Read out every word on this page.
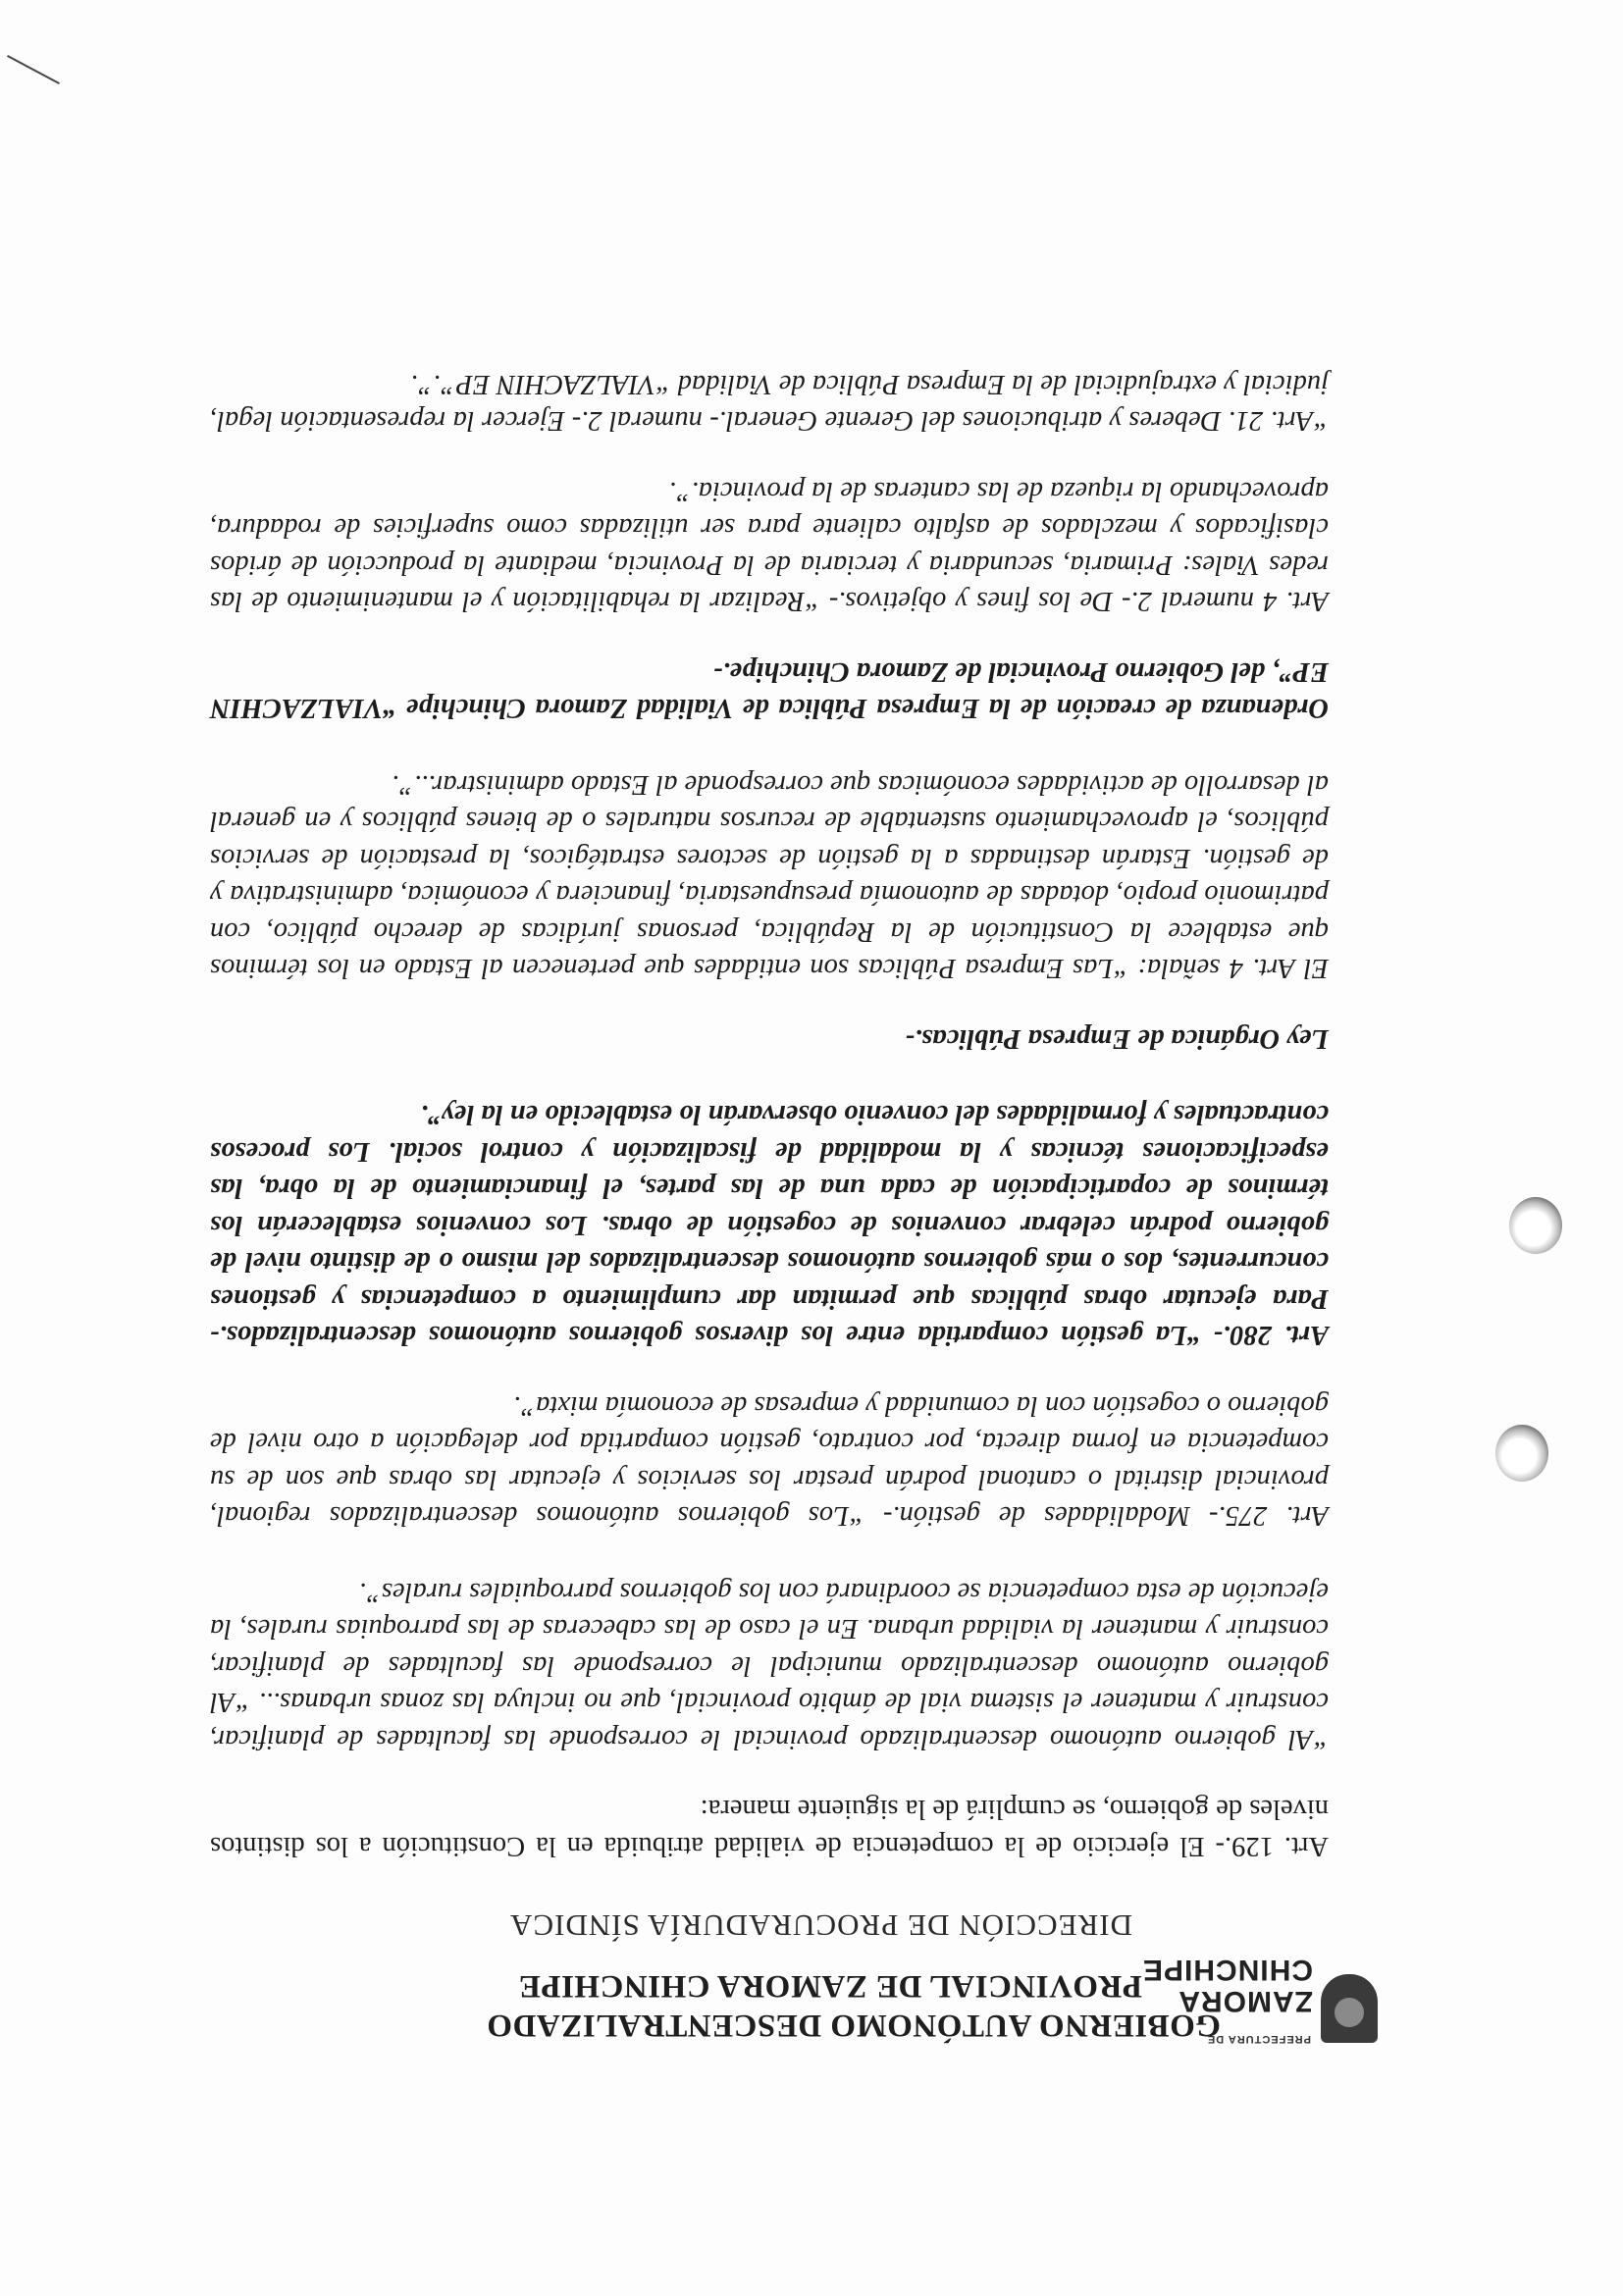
PREFECTURA DE
ZAMORA
CHINCHIPE
GOBIERNO AUTÓNOMO DESCENTRALIZADO
PROVINCIAL DE ZAMORA CHINCHIPE
DIRECCIÓN DE PROCURADURÍA SÍNDICA

Art. 129.- El ejercicio de la competencia de vialidad atribuida en la Constitución a los distintos niveles de gobierno, se cumplirá de la siguiente manera:

“Al gobierno autónomo descentralizado provincial le corresponde las facultades de planificar, construir y mantener el sistema vial de ámbito provincial, que no incluya las zonas urbanas... “Al gobierno autónomo descentralizado municipal le corresponde las facultades de planificar, construir y mantener la vialidad urbana. En el caso de las cabeceras de las parroquias rurales, la ejecución de esta competencia se coordinará con los gobiernos parroquiales rurales”.

Art. 275.- Modalidades de gestión.- “Los gobiernos autónomos descentralizados regional, provincial distrital o cantonal podrán prestar los servicios y ejecutar las obras que son de su competencia en forma directa, por contrato, gestión compartida por delegación a otro nivel de gobierno o cogestión con la comunidad y empresas de economía mixta”.

Art. 280.- “La gestión compartida entre los diversos gobiernos autónomos descentralizados.- Para ejecutar obras públicas que permitan dar cumplimiento a competencias y gestiones concurrentes, dos o más gobiernos autónomos descentralizados del mismo o de distinto nivel de gobierno podrán celebrar convenios de cogestión de obras. Los convenios establecerán los términos de coparticipación de cada una de las partes, el financiamiento de la obra, las especificaciones técnicas y la modalidad de fiscalización y control social. Los procesos contractuales y formalidades del convenio observarán lo establecido en la ley”.

Ley Orgánica de Empresa Públicas.-

El Art. 4 señala: “Las Empresa Públicas son entidades que pertenecen al Estado en los términos que establece la Constitución de la República, personas jurídicas de derecho público, con patrimonio propio, dotadas de autonomía presupuestaria, financiera y económica, administrativa y de gestión. Estarán destinadas a la gestión de sectores estratégicos, la prestación de servicios públicos, el aprovechamiento sustentable de recursos naturales o de bienes públicos y en general al desarrollo de actividades económicas que corresponde al Estado administrar...”.

Ordenanza de creación de la Empresa Pública de Vialidad Zamora Chinchipe “VIALZACHIN EP”, del Gobierno Provincial de Zamora Chinchipe.-

Art. 4 numeral 2.- De los fines y objetivos.- “Realizar la rehabilitación y el mantenimiento de las redes Viales: Primaria, secundaria y terciaria de la Provincia, mediante la producción de áridos clasificados y mezclados de asfalto caliente para ser utilizadas como superficies de rodadura, aprovechando la riqueza de las canteras de la provincia.”.

“Art. 21. Deberes y atribuciones del Gerente General.- numeral 2.- Ejercer la representación legal, judicial y extrajudicial de la Empresa Pública de Vialidad “VIALZACHIN EP”.”.
